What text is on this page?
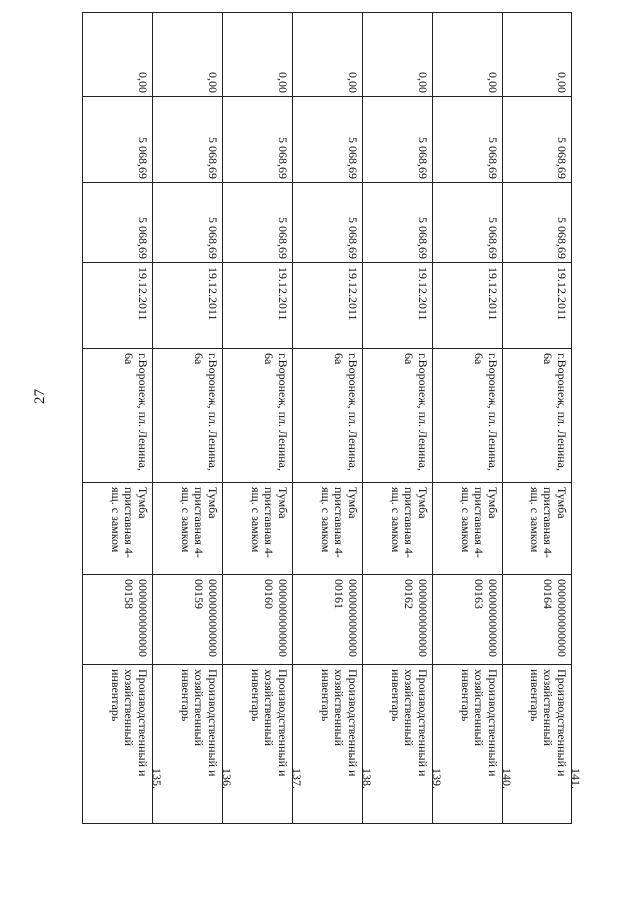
27
0,00
5 068,69
5 068,69
19.12.2011
г.Воронеж, пл. Ленина, 6а
Тумба приставная 4-ящ. с замком
000000000000000158
Производственный и хозяйственный инвентарь
135.
0,00
5 068,69
5 068,69
19.12.2011
г.Воронеж, пл. Ленина, 6а
Тумба приставная 4-ящ. с замком
000000000000000159
Производственный и хозяйственный инвентарь
136.
0,00
5 068,69
5 068,69
19.12.2011
г.Воронеж, пл. Ленина, 6а
Тумба приставная 4-ящ. с замком
000000000000000160
Производственный и хозяйственный инвентарь
137.
0,00
5 068,69
5 068,69
19.12.2011
г.Воронеж, пл. Ленина, 6а
Тумба приставная 4-ящ. с замком
000000000000000161
Производственный и хозяйственный инвентарь
138.
0,00
5 068,69
5 068,69
19.12.2011
г.Воронеж, пл. Ленина, 6а
Тумба приставная 4-ящ. с замком
000000000000000162
Производственный и хозяйственный инвентарь
139.
0,00
5 068,69
5 068,69
19.12.2011
г.Воронеж, пл. Ленина, 6а
Тумба приставная 4-ящ. с замком
000000000000000163
Производственный и хозяйственный инвентарь
140.
0,00
5 068,69
5 068,69
19.12.2011
г.Воронеж, пл. Ленина, 6а
Тумба приставная 4-ящ. с замком
000000000000000164
Производственный и хозяйственный инвентарь
141.
